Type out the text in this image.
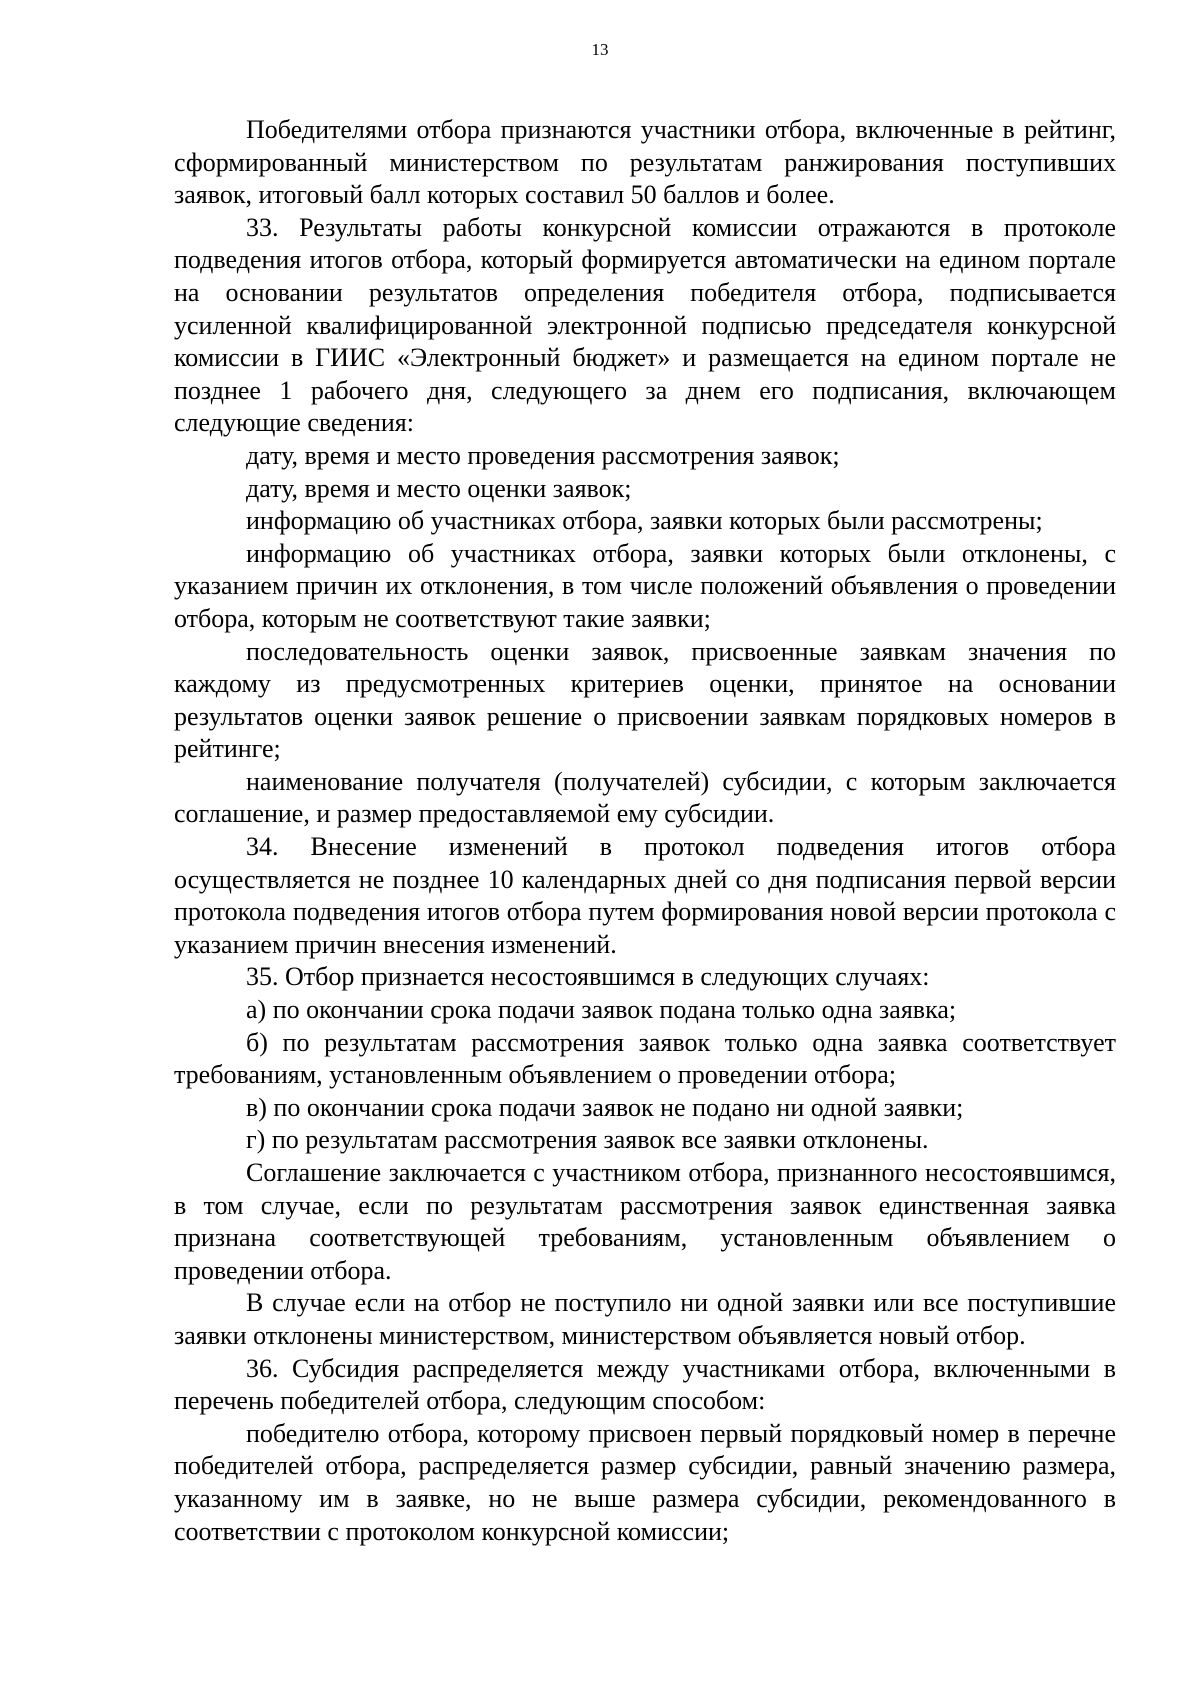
13

Победителями отбора признаются участники отбора, включенные в рейтинг, сформированный министерством по результатам ранжирования поступивших заявок, итоговый балл которых составил 50 баллов и более.

33. Результаты работы конкурсной комиссии отражаются в протоколе подведения итогов отбора, который формируется автоматически на едином портале на основании результатов определения победителя отбора, подписывается усиленной квалифицированной электронной подписью председателя конкурсной комиссии в ГИИС «Электронный бюджет» и размещается на едином портале не позднее 1 рабочего дня, следующего за днем его подписания, включающем следующие сведения:

дату, время и место проведения рассмотрения заявок;

дату, время и место оценки заявок;

информацию об участниках отбора, заявки которых были рассмотрены;

информацию об участниках отбора, заявки которых были отклонены, с указанием причин их отклонения, в том числе положений объявления о проведении отбора, которым не соответствуют такие заявки;

последовательность оценки заявок, присвоенные заявкам значения по каждому из предусмотренных критериев оценки, принятое на основании результатов оценки заявок решение о присвоении заявкам порядковых номеров в рейтинге;

наименование получателя (получателей) субсидии, с которым заключается соглашение, и размер предоставляемой ему субсидии.

34. Внесение изменений в протокол подведения итогов отбора осуществляется не позднее 10 календарных дней со дня подписания первой версии протокола подведения итогов отбора путем формирования новой версии протокола с указанием причин внесения изменений.

35. Отбор признается несостоявшимся в следующих случаях:

а) по окончании срока подачи заявок подана только одна заявка;

б) по результатам рассмотрения заявок только одна заявка соответствует требованиям, установленным объявлением о проведении отбора;

в) по окончании срока подачи заявок не подано ни одной заявки;

г) по результатам рассмотрения заявок все заявки отклонены.

Соглашение заключается с участником отбора, признанного несостоявшимся, в том случае, если по результатам рассмотрения заявок единственная заявка признана соответствующей требованиям, установленным объявлением о проведении отбора.

В случае если на отбор не поступило ни одной заявки или все поступившие заявки отклонены министерством, министерством объявляется новый отбор.

36. Субсидия распределяется между участниками отбора, включенными в перечень победителей отбора, следующим способом:

победителю отбора, которому присвоен первый порядковый номер в перечне победителей отбора, распределяется размер субсидии, равный значению размера, указанному им в заявке, но не выше размера субсидии, рекомендованного в соответствии с протоколом конкурсной комиссии;
